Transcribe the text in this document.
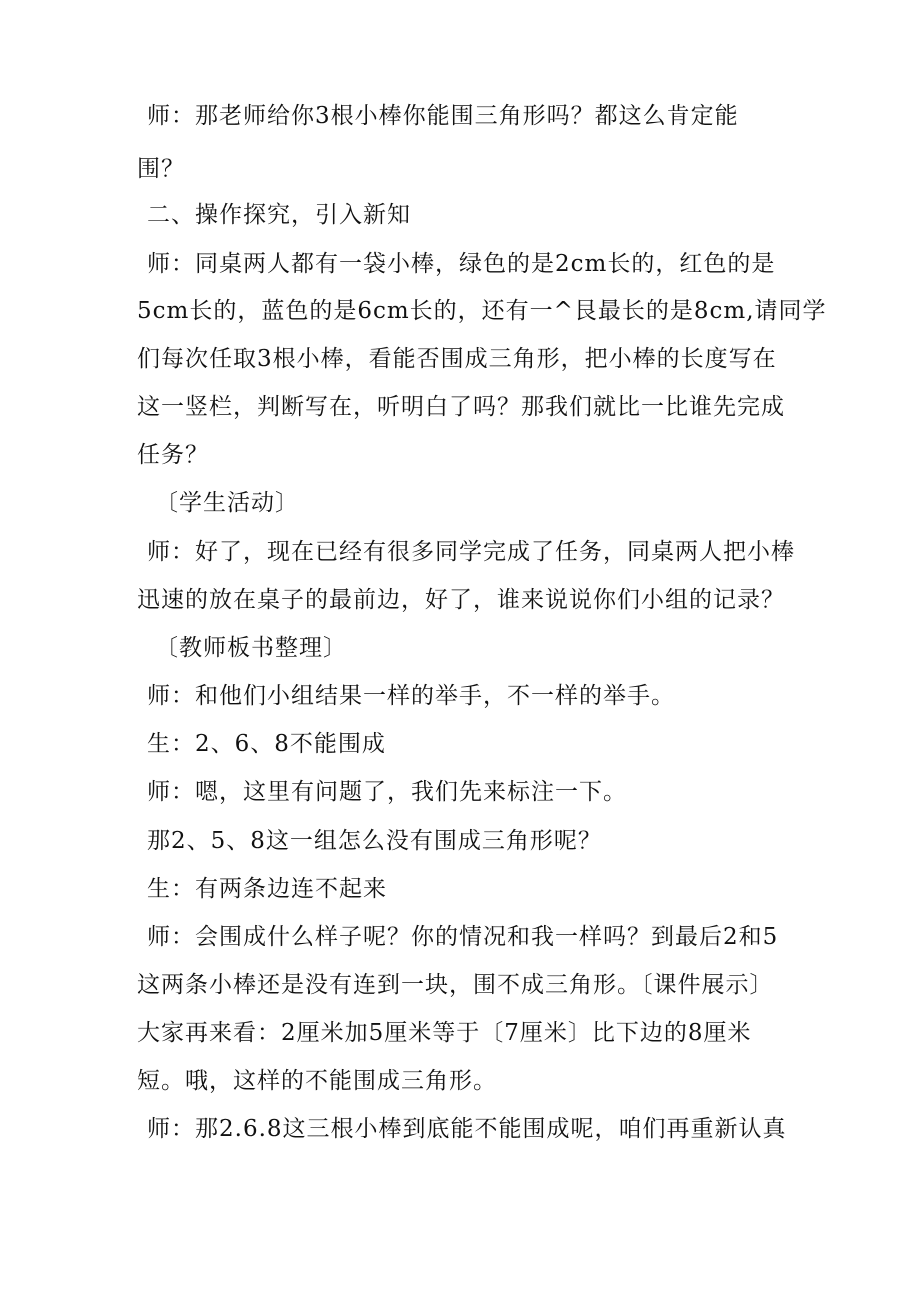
师：那老师给你3根小棒你能围三角形吗？都这么肯定能
围？
二、操作探究，引入新知
师：同桌两人都有一袋小棒，绿色的是2cm长的，红色的是
5cm长的，蓝色的是6cm长的，还有一^艮最长的是8cm,请同学
们每次任取3根小棒，看能否围成三角形，把小棒的长度写在
这一竖栏，判断写在，听明白了吗？那我们就比一比谁先完成
任务？
〔学生活动〕
师：好了，现在已经有很多同学完成了任务，同桌两人把小棒
迅速的放在桌子的最前边，好了，谁来说说你们小组的记录？
〔教师板书整理〕
师：和他们小组结果一样的举手，不一样的举手。
生：2、6、8不能围成
师：嗯，这里有问题了，我们先来标注一下。
那2、5、8这一组怎么没有围成三角形呢？
生：有两条边连不起来
师：会围成什么样子呢？你的情况和我一样吗？到最后2和5
这两条小棒还是没有连到一块，围不成三角形。〔课件展示〕
大家再来看：2厘米加5厘米等于〔7厘米〕比下边的8厘米
短。哦，这样的不能围成三角形。
师：那2.6.8这三根小棒到底能不能围成呢，咱们再重新认真
